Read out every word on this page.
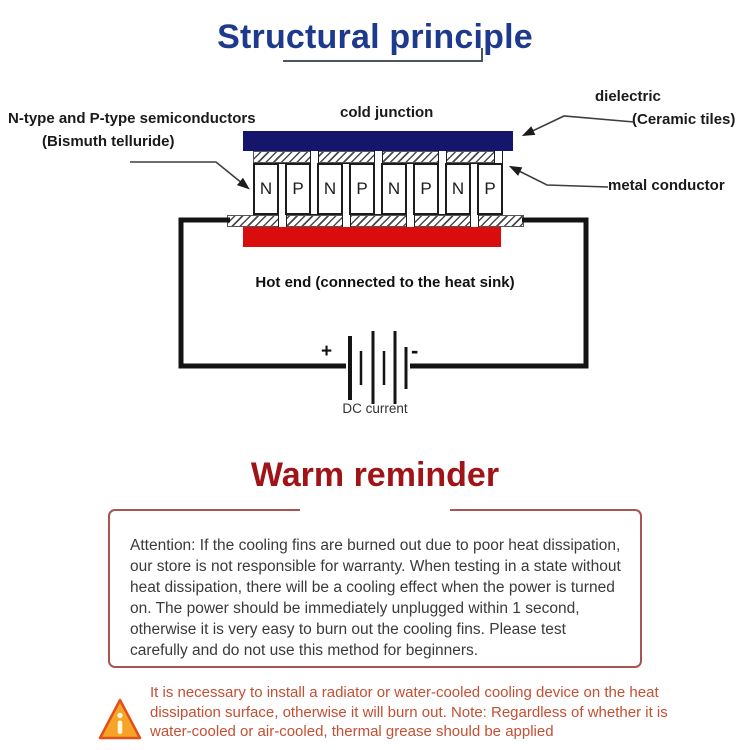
Structural principle
N-type and P-type semiconductors
(Bismuth telluride)
cold junction
dielectric
(Ceramic tiles)
metal conductor
N	P	N	P	N	P	N	P
Hot end (connected to the heat sink)
+	-
DC current
Warm reminder

Attention: If the cooling fins are burned out due to poor heat dissipation, our store is not responsible for warranty. When testing in a state without heat dissipation, there will be a cooling effect when the power is turned on. The power should be immediately unplugged within 1 second, otherwise it is very easy to burn out the cooling fins. Please test carefully and do not use this method for beginners.

It is necessary to install a radiator or water-cooled cooling device on the heat dissipation surface, otherwise it will burn out. Note: Regardless of whether it is water-cooled or air-cooled, thermal grease should be applied
